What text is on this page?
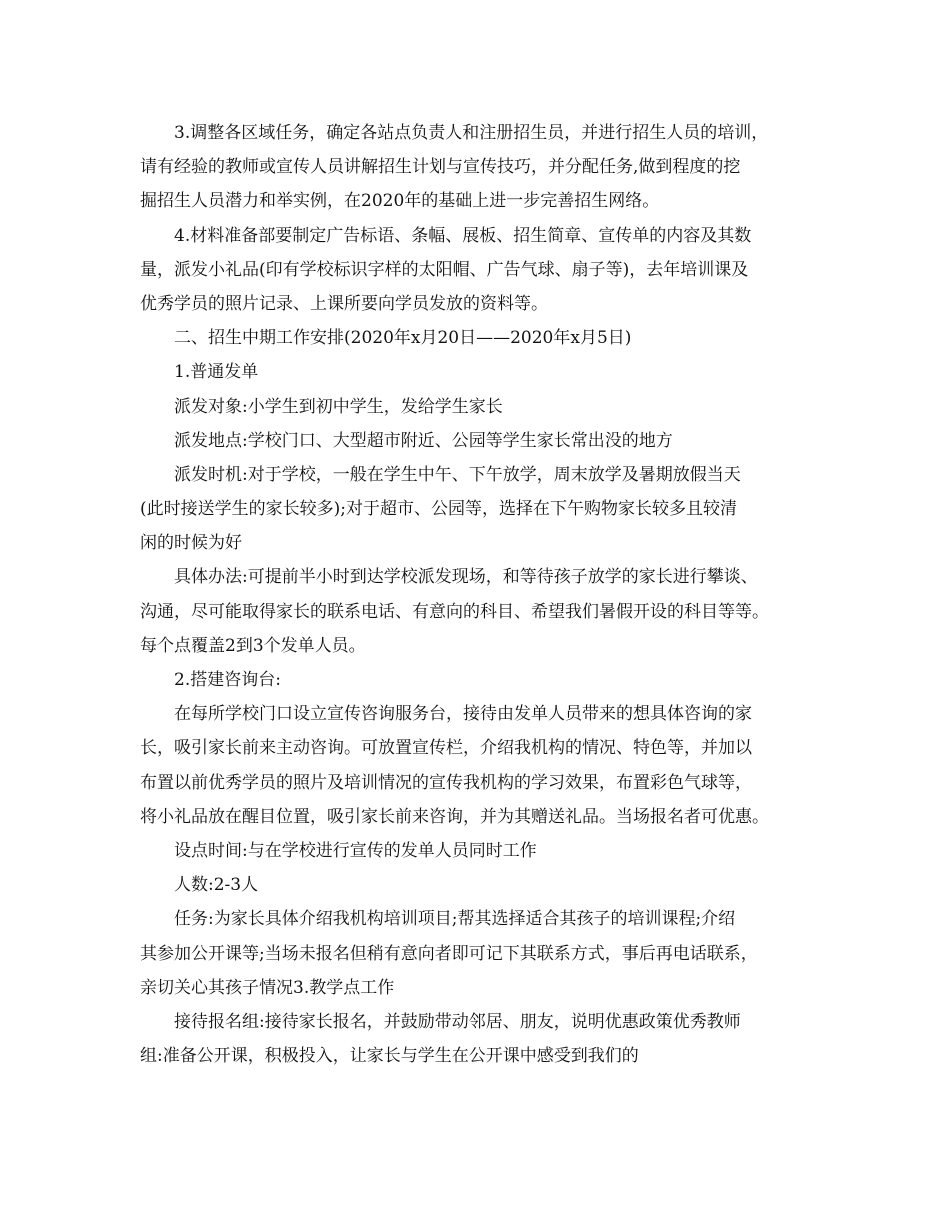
3.调整各区域任务，确定各站点负责人和注册招生员，并进行招生人员的培训，
请有经验的教师或宣传人员讲解招生计划与宣传技巧，并分配任务,做到程度的挖
掘招生人员潜力和举实例，在2020年的基础上进一步完善招生网络。
4.材料准备部要制定广告标语、条幅、展板、招生简章、宣传单的内容及其数
量，派发小礼品(印有学校标识字样的太阳帽、广告气球、扇子等)，去年培训课及
优秀学员的照片记录、上课所要向学员发放的资料等。
二、招生中期工作安排(2020年x月20日——2020年x月5日)
1.普通发单
派发对象:小学生到初中学生，发给学生家长
派发地点:学校门口、大型超市附近、公园等学生家长常出没的地方
派发时机:对于学校，一般在学生中午、下午放学，周末放学及暑期放假当天
(此时接送学生的家长较多);对于超市、公园等，选择在下午购物家长较多且较清
闲的时候为好
具体办法:可提前半小时到达学校派发现场，和等待孩子放学的家长进行攀谈、
沟通，尽可能取得家长的联系电话、有意向的科目、希望我们暑假开设的科目等等。
每个点覆盖2到3个发单人员。
2.搭建咨询台:
在每所学校门口设立宣传咨询服务台，接待由发单人员带来的想具体咨询的家
长，吸引家长前来主动咨询。可放置宣传栏，介绍我机构的情况、特色等，并加以
布置以前优秀学员的照片及培训情况的宣传我机构的学习效果，布置彩色气球等，
将小礼品放在醒目位置，吸引家长前来咨询，并为其赠送礼品。当场报名者可优惠。
设点时间:与在学校进行宣传的发单人员同时工作
人数:2-3人
任务:为家长具体介绍我机构培训项目;帮其选择适合其孩子的培训课程;介绍
其参加公开课等;当场未报名但稍有意向者即可记下其联系方式，事后再电话联系，
亲切关心其孩子情况3.教学点工作
接待报名组:接待家长报名，并鼓励带动邻居、朋友，说明优惠政策优秀教师
组:准备公开课，积极投入，让家长与学生在公开课中感受到我们的
